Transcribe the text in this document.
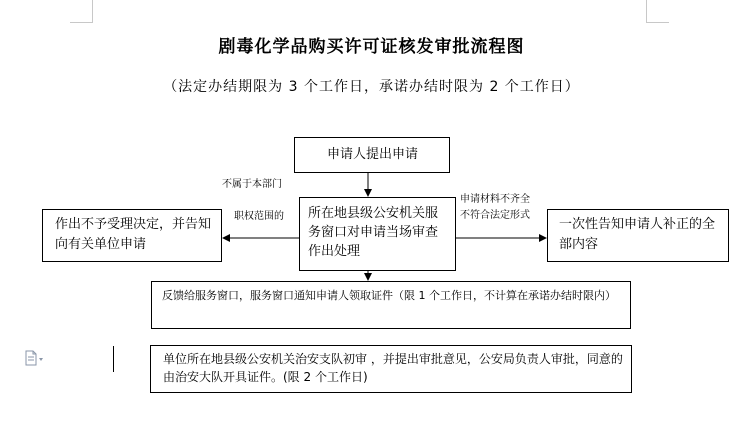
剧毒化学品购买许可证核发审批流程图
（法定办结期限为 3 个工作日，承诺办结时限为 2 个工作日）
申请人提出申请
所在地县级公安机关服务窗口对申请当场审查作出处理
作出不予受理决定，并告知向有关单位申请
一次性告知申请人补正的全部内容
反馈给服务窗口，服务窗口通知申请人领取证件（限 1 个工作日，不计算在承诺办结时限内）
单位所在地县级公安机关治安支队初审 ，并提出审批意见，公安局负责人审批，同意的由治安大队开具证件。(限 2 个工作日)
不属于本部门
职权范围的
申请材料不齐全
不符合法定形式
